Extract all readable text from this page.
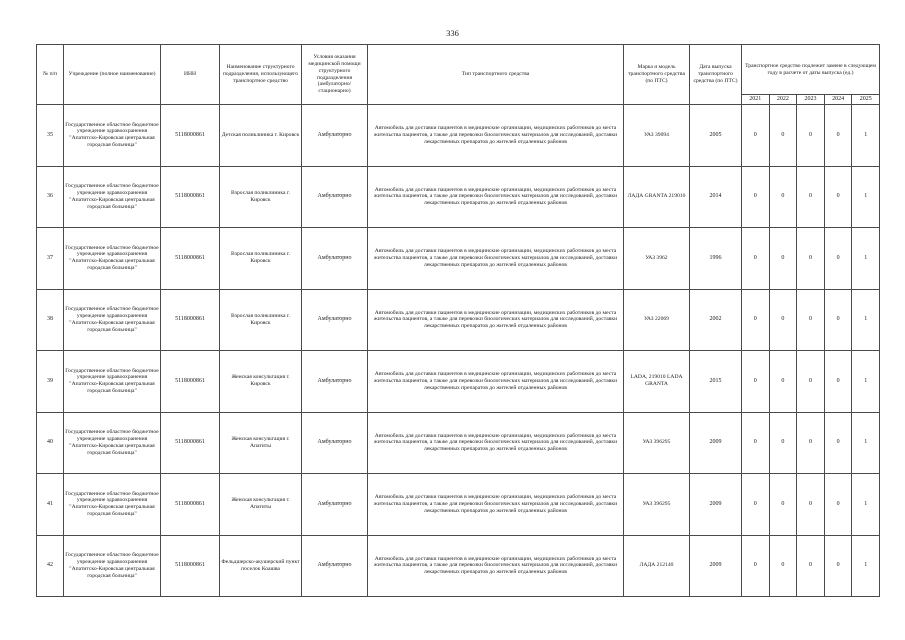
336
№ п/п	Учреждение (полное наименование)	ИНН	Наименование структурного подразделения, использующего транспортное средство	Условия оказания медицинской помощи структурного подразделения (амбулаторно/ стационарно)	Тип транспортного средства	Марка и модель транспортного средства (по ПТС)	Дата выпуска транспортного средства (по ПТС)	Транспортное средство подлежит замене в следующем году в расчете от даты выпуска (ед.)				
								2021	2022	2023	2024	2025
35	Государственное областное бюджетное учреждение здравоохранения "Апатитско-Кировская центральная городская больница"	5118000861	Детская поликлиника г. Кировск	Амбулаторно	Автомобиль для доставки пациентов в медицинские организации, медицинских работников до места жительства пациентов, а также для перевозки биологических материалов для исследований, доставки лекарственных препаратов до жителей отдаленных районов	УАЗ 39094	2005	0	0	0	0	1
36	Государственное областное бюджетное учреждение здравоохранения "Апатитско-Кировская центральная городская больница"	5118000861	Взрослая поликлиника г. Кировск	Амбулаторно	Автомобиль для доставки пациентов в медицинские организации, медицинских работников до места жительства пациентов, а также для перевозки биологических материалов для исследований, доставки лекарственных препаратов до жителей отдаленных районов	ЛАДА GRANTA 219010	2014	0	0	0	0	1
37	Государственное областное бюджетное учреждение здравоохранения "Апатитско-Кировская центральная городская больница"	5118000861	Взрослая поликлиника г. Кировск	Амбулаторно	Автомобиль для доставки пациентов в медицинские организации, медицинских работников до места жительства пациентов, а также для перевозки биологических материалов для исследований, доставки лекарственных препаратов до жителей отдаленных районов	УАЗ 3962	1996	0	0	0	0	1
38	Государственное областное бюджетное учреждение здравоохранения "Апатитско-Кировская центральная городская больница"	5118000861	Взрослая поликлиника г. Кировск	Амбулаторно	Автомобиль для доставки пациентов в медицинские организации, медицинских работников до места жительства пациентов, а также для перевозки биологических материалов для исследований, доставки лекарственных препаратов до жителей отдаленных районов	УАЗ 22069	2002	0	0	0	0	1
39	Государственное областное бюджетное учреждение здравоохранения "Апатитско-Кировская центральная городская больница"	5118000861	Женская консультация г. Кировск	Амбулаторно	Автомобиль для доставки пациентов в медицинские организации, медицинских работников до места жительства пациентов, а также для перевозки биологических материалов для исследований, доставки лекарственных препаратов до жителей отдаленных районов	LADA, 219010 LADA GRANTA	2015	0	0	0	0	1
40	Государственное областное бюджетное учреждение здравоохранения "Апатитско-Кировская центральная городская больница"	5118000861	Женская консультация г. Апатиты	Амбулаторно	Автомобиль для доставки пациентов в медицинские организации, медицинских работников до места жительства пациентов, а также для перевозки биологических материалов для исследований, доставки лекарственных препаратов до жителей отдаленных районов	УАЗ 396295	2009	0	0	0	0	1
41	Государственное областное бюджетное учреждение здравоохранения "Апатитско-Кировская центральная городская больница"	5118000861	Женская консультация г. Апатиты	Амбулаторно	Автомобиль для доставки пациентов в медицинские организации, медицинских работников до места жительства пациентов, а также для перевозки биологических материалов для исследований, доставки лекарственных препаратов до жителей отдаленных районов	УАЗ 396295	2009	0	0	0	0	1
42	Государственное областное бюджетное учреждение здравоохранения "Апатитско-Кировская центральная городская больница"	5118000861	Фельдшерско-акушерский пункт поселок Коашва	Амбулаторно	Автомобиль для доставки пациентов в медицинские организации, медицинских работников до места жительства пациентов, а также для перевозки биологических материалов для исследований, доставки лекарственных препаратов до жителей отдаленных районов	ЛАДА 212140	2009	0	0	0	0	1
